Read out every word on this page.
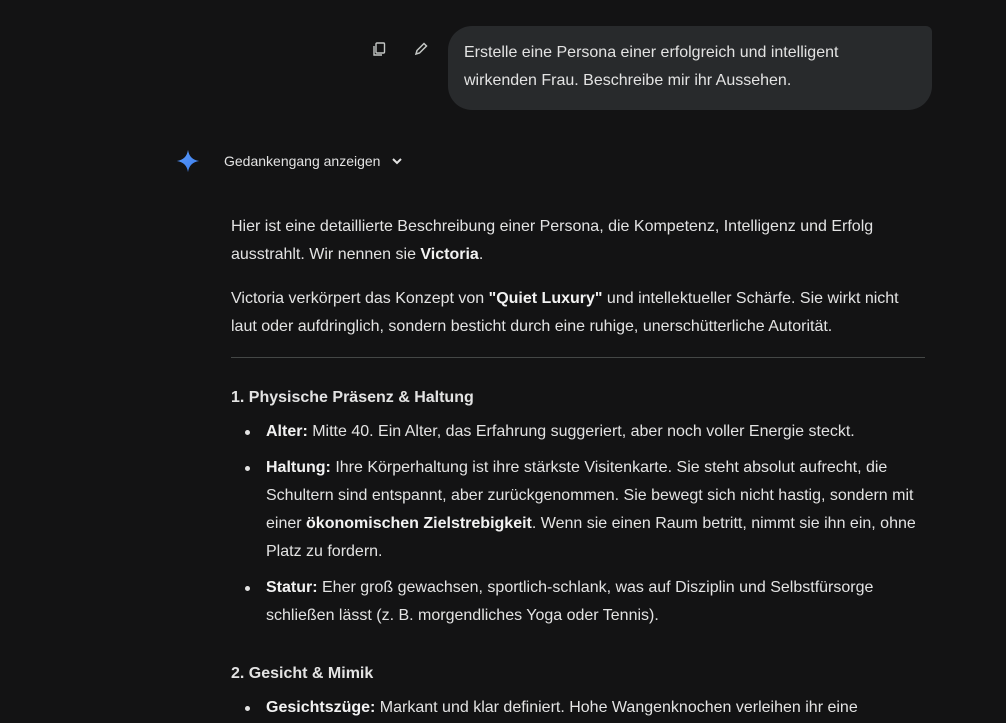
Erstelle eine Persona einer erfolgreich und intelligent wirkenden Frau. Beschreibe mir ihr Aussehen.
Gedankengang anzeigen

Hier ist eine detaillierte Beschreibung einer Persona, die Kompetenz, Intelligenz und Erfolg ausstrahlt. Wir nennen sie Victoria.

Victoria verkörpert das Konzept von "Quiet Luxury" und intellektueller Schärfe. Sie wirkt nicht laut oder aufdringlich, sondern besticht durch eine ruhige, unerschütterliche Autorität.

1. Physische Präsenz & Haltung
Alter: Mitte 40. Ein Alter, das Erfahrung suggeriert, aber noch voller Energie steckt.
Haltung: Ihre Körperhaltung ist ihre stärkste Visitenkarte. Sie steht absolut aufrecht, die Schultern sind entspannt, aber zurückgenommen. Sie bewegt sich nicht hastig, sondern mit einer ökonomischen Zielstrebigkeit. Wenn sie einen Raum betritt, nimmt sie ihn ein, ohne Platz zu fordern.
Statur: Eher groß gewachsen, sportlich-schlank, was auf Disziplin und Selbstfürsorge schließen lässt (z. B. morgendliches Yoga oder Tennis).
2. Gesicht & Mimik
Gesichtszüge: Markant und klar definiert. Hohe Wangenknochen verleihen ihr eine
